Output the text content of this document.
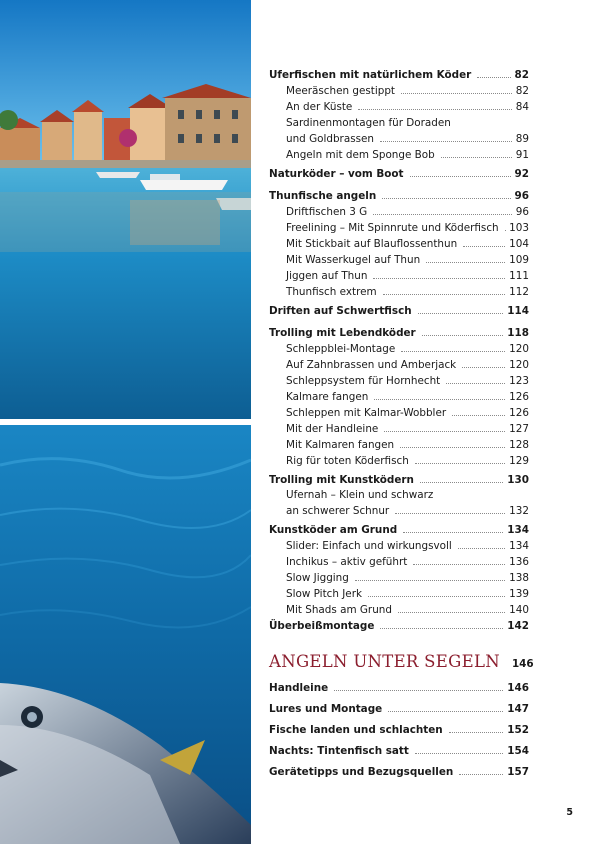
Uferfischen mit natürlichem Köder	82
Meeräschen gestippt	82
An der Küste	84
Sardinenmontagen für Doraden
und Goldbrassen	89
Angeln mit dem Sponge Bob	91
Naturköder – vom Boot	92
Thunfische angeln	96
Driftfischen 3 G	96
Freelining – Mit Spinnrute und Köderfisch 103
Mit Stickbait auf Blauflossenthun	104
Mit Wasserkugel auf Thun	109
Jiggen auf Thun	111
Thunfisch extrem	112
Driften auf Schwertfisch	114
Trolling mit Lebendköder	118
Schleppblei-Montage	120
Auf Zahnbrassen und Amberjack	120
Schleppsystem für Hornhecht	123
Kalmare fangen	126
Schleppen mit Kalmar-Wobbler	126
Mit der Handleine	127
Mit Kalmaren fangen	128
Rig für toten Köderfisch	129
Trolling mit Kunstködern	130
Ufernah – Klein und schwarz
an schwerer Schnur	132
Kunstköder am Grund	134
Slider: Einfach und wirkungsvoll	134
Inchikus – aktiv geführt	136
Slow Jigging	138
Slow Pitch Jerk	139
Mit Shads am Grund	140
Überbeißmontage	142
ANGELN UNTER SEGELN 146
Handleine	146
Lures und Montage	147
Fische landen und schlachten	152
Nachts: Tintenfisch satt	154
Gerätetipps und Bezugsquellen	157
5
